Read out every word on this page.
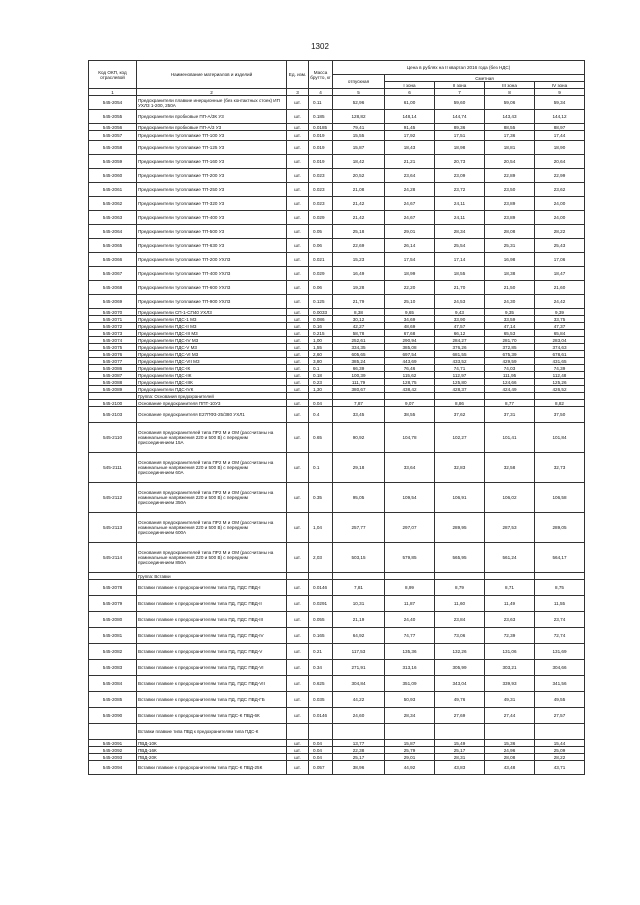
1302
Код ОКП, код отраслевой	Наименование материалов и изделий	Ед. изм.	Масса брутто, кг	Цена в рублях на II квартал 2016 года (без НДС)				
				отпускная	Сметная			
					I зона	II зона	III зона	IV зона
1	2	3	4	5	6	7	8	9
545-2054	Предохранители плавкие инерционные (без контактных стоек) ИП УХЛ3 1-200, 250А	шт.	0.11	52,96	61,00	59,60	59,06	59,34
545-2055	Предохранители пробковые ПП-А/3К У3	шт.	0.185	128,82	148,14	144,74	143,43	144,12
545-2056	Предохранители пробковые ПП-А/3 У3	шт.	0.0185	79,41	91,45	89,36	88,55	88,97
545-2057	Предохранители тугоплавкие ТП-100 У3	шт.	0.019	15,55	17,92	17,51	17,36	17,44
545-2058	Предохранители тугоплавкие ТП-125 У3	шт.	0.019	15,87	18,43	18,98	18,81	18,90
545-2059	Предохранители тугоплавкие ТП-160 У3	шт.	0.019	18,42	21,21	20,73	20,54	20,64
545-2060	Предохранители тугоплавкие ТП-200 У3	шт.	0.023	20,52	23,64	23,09	22,89	22,99
545-2061	Предохранители тугоплавкие ТП-250 У3	шт.	0.023	21,08	24,28	23,72	23,50	23,62
545-2062	Предохранители тугоплавкие ТП-320 У3	шт.	0.023	21,42	24,67	24,11	23,89	24,00
545-2063	Предохранители тугоплавкие ТП-400 У3	шт.	0.029	21,42	24,67	24,11	23,89	24,00
545-2064	Предохранители тугоплавкие ТП-500 У3	шт.	0.05	25,18	29,01	28,34	28,08	28,22
545-2065	Предохранители тугоплавкие ТП-630 У3	шт.	0.06	22,69	26,14	25,54	25,31	25,43
545-2066	Предохранители тугоплавкие ТП-200 УХЛ3	шт.	0.021	15,23	17,54	17,14	16,98	17,06
545-2067	Предохранители тугоплавкие ТП-400 УХЛ3	шт.	0.029	16,49	18,99	18,55	18,38	18,47
545-2068	Предохранители тугоплавкие ТП-600 УХЛ3	шт.	0.06	19,28	22,20	21,70	21,50	21,60
545-2069	Предохранители тугоплавкие ТП-900 УХЛ3	шт.	0.125	21,79	25,10	24,53	24,30	24,42
545-2070	Предохранители СП-1-СП40 УХЛ3	шт.	0.0033	8,38	9,65	9,43	9,35	9,39
545-2071	Предохранители ПДС-1 М3	шт.	0.086	30,12	34,69	33,90	33,59	33,75
545-2072	Предохранители ПДС-II М3	шт.	0.16	42,27	48,69	47,57	47,14	47,37
545-2073	Предохранители ПДС-III М3	шт.	0.215	58,78	67,68	66,12	65,53	65,84
545-2074	Предохранители ПДС-IV М3	шт.	1,00	252,61	290,94	284,27	281,70	283,04
545-2075	Предохранители ПДС-V М3	шт.	1,55	334,35	385,08	376,26	372,85	374,63
545-2076	Предохранители ПДС-VI М3	шт.	2,60	605,65	697,54	681,55	675,39	678,61
545-2077	Предохранители ПДС-VII М3	шт.	3,80	385,24	443,69	433,52	429,59	431,65
545-2086	Предохранители ПДС-IК	шт.	0.1	66,39	76,46	74,71	74,03	74,39
545-2087	Предохранители ПДС-IIК	шт.	0.18	100,39	115,62	112,97	111,95	112,48
545-2088	Предохранители ПДС-IIIК	шт.	0.23	111,79	128,75	125,80	124,66	125,26
545-2089	Предохранители ПДС-IVК	шт.	1,30	380,67	438,42	428,37	424,49	426,52
	Группа: Основания предохранителей							
545-2100	Основание предохранителя ППТ-10У3	шт.	0.04	7,87	9,07	8,86	8,77	8,82
545-2103	Основание предохранителя Е27ПФ3-25/380 УХЛ1	шт.	0.4	33,45	38,55	37,62	37,31	37,50
545-2110	Основания предохранителей типа ПР2 М и ОМ (рассчитаны на номинальные напряжения 220 и 500 В) с передним присоединением 15А	шт.	0.65	90,92	104,78	102,27	101,41	101,84
545-2111	Основания предохранителей типа ПР2 М и ОМ (рассчитаны на номинальные напряжения 220 и 500 В) с передним присоединением 60А	шт.	0.1	29,18	33,64	32,83	32,58	32,73
545-2112	Основания предохранителей типа ПР2 М и ОМ (рассчитаны на номинальные напряжения 220 и 500 В) с передним присоединением 350А	шт.	0.35	95,05	109,54	106,91	106,02	106,58
545-2113	Основания предохранителей типа ПР2 М и ОМ (рассчитаны на номинальные напряжения 220 и 500 В) с передним присоединением 600А	шт.	1,04	257,77	297,07	289,95	287,53	289,05
545-2114	Основания предохранителей типа ПР2 М и ОМ (рассчитаны на номинальные напряжения 220 и 500 В) с передним присоединением 850А	шт.	2,03	503,15	579,85	565,95	561,24	564,17
	Группа: Вставки							
545-2078	Вставки плавкие к предохранителям типа ПД, ПДС ПВД-I	шт.	0.0146	7,81	8,99	8,79	8,71	8,75
545-2079	Вставки плавкие к предохранителям типа ПД, ПДС ПВД-II	шт.	0.0291	10,31	11,87	11,60	11,49	11,55
545-2080	Вставки плавкие к предохранителям типа ПД, ПДС ПВД-III	шт.	0.055	21,19	24,40	23,84	23,63	23,74
545-2081	Вставки плавкие к предохранителям типа ПД, ПДС ПВД-IV	шт.	0.165	64,92	74,77	73,06	72,39	72,74
545-2082	Вставки плавкие к предохранителям типа ПД, ПДС ПВД-V	шт.	0.21	117,53	135,36	132,26	131,06	131,69
545-2083	Вставки плавкие к предохранителям типа ПД, ПДС ПВД-VI	шт.	0.34	271,91	313,16	305,99	303,21	304,66
545-2084	Вставки плавкие к предохранителям типа ПД, ПДС ПВД-VII	шт.	0.625	304,84	351,09	343,04	339,93	341,56
545-2085	Вставки плавкие к предохранителям типа ПД, ПДС ПВД-ГБ	шт.	0.035	44,22	50,93	49,76	49,31	49,55
545-2090	Вставки плавкие к предохранителям типа ПДС-К ПВД-6К	шт.	0.0146	24,60	28,34	27,69	27,44	27,57
	Вставки плавкие типа ПВД к предохранителям типа ПДС-К							
545-2091	ПВД-10К	шт.	0.04	13,77	15,87	15,49	15,36	15,44
545-2092	ПВД-16К	шт.	0.04	22,38	25,79	25,17	24,96	25,09
545-2093	ПВД-20К	шт.	0.04	25,17	29,01	28,31	28,08	28,22
545-2094	Вставки плавкие к предохранителям типа ПДС-К ПВД-25К	шт.	0.057	38,96	44,92	43,83	43,48	43,71
